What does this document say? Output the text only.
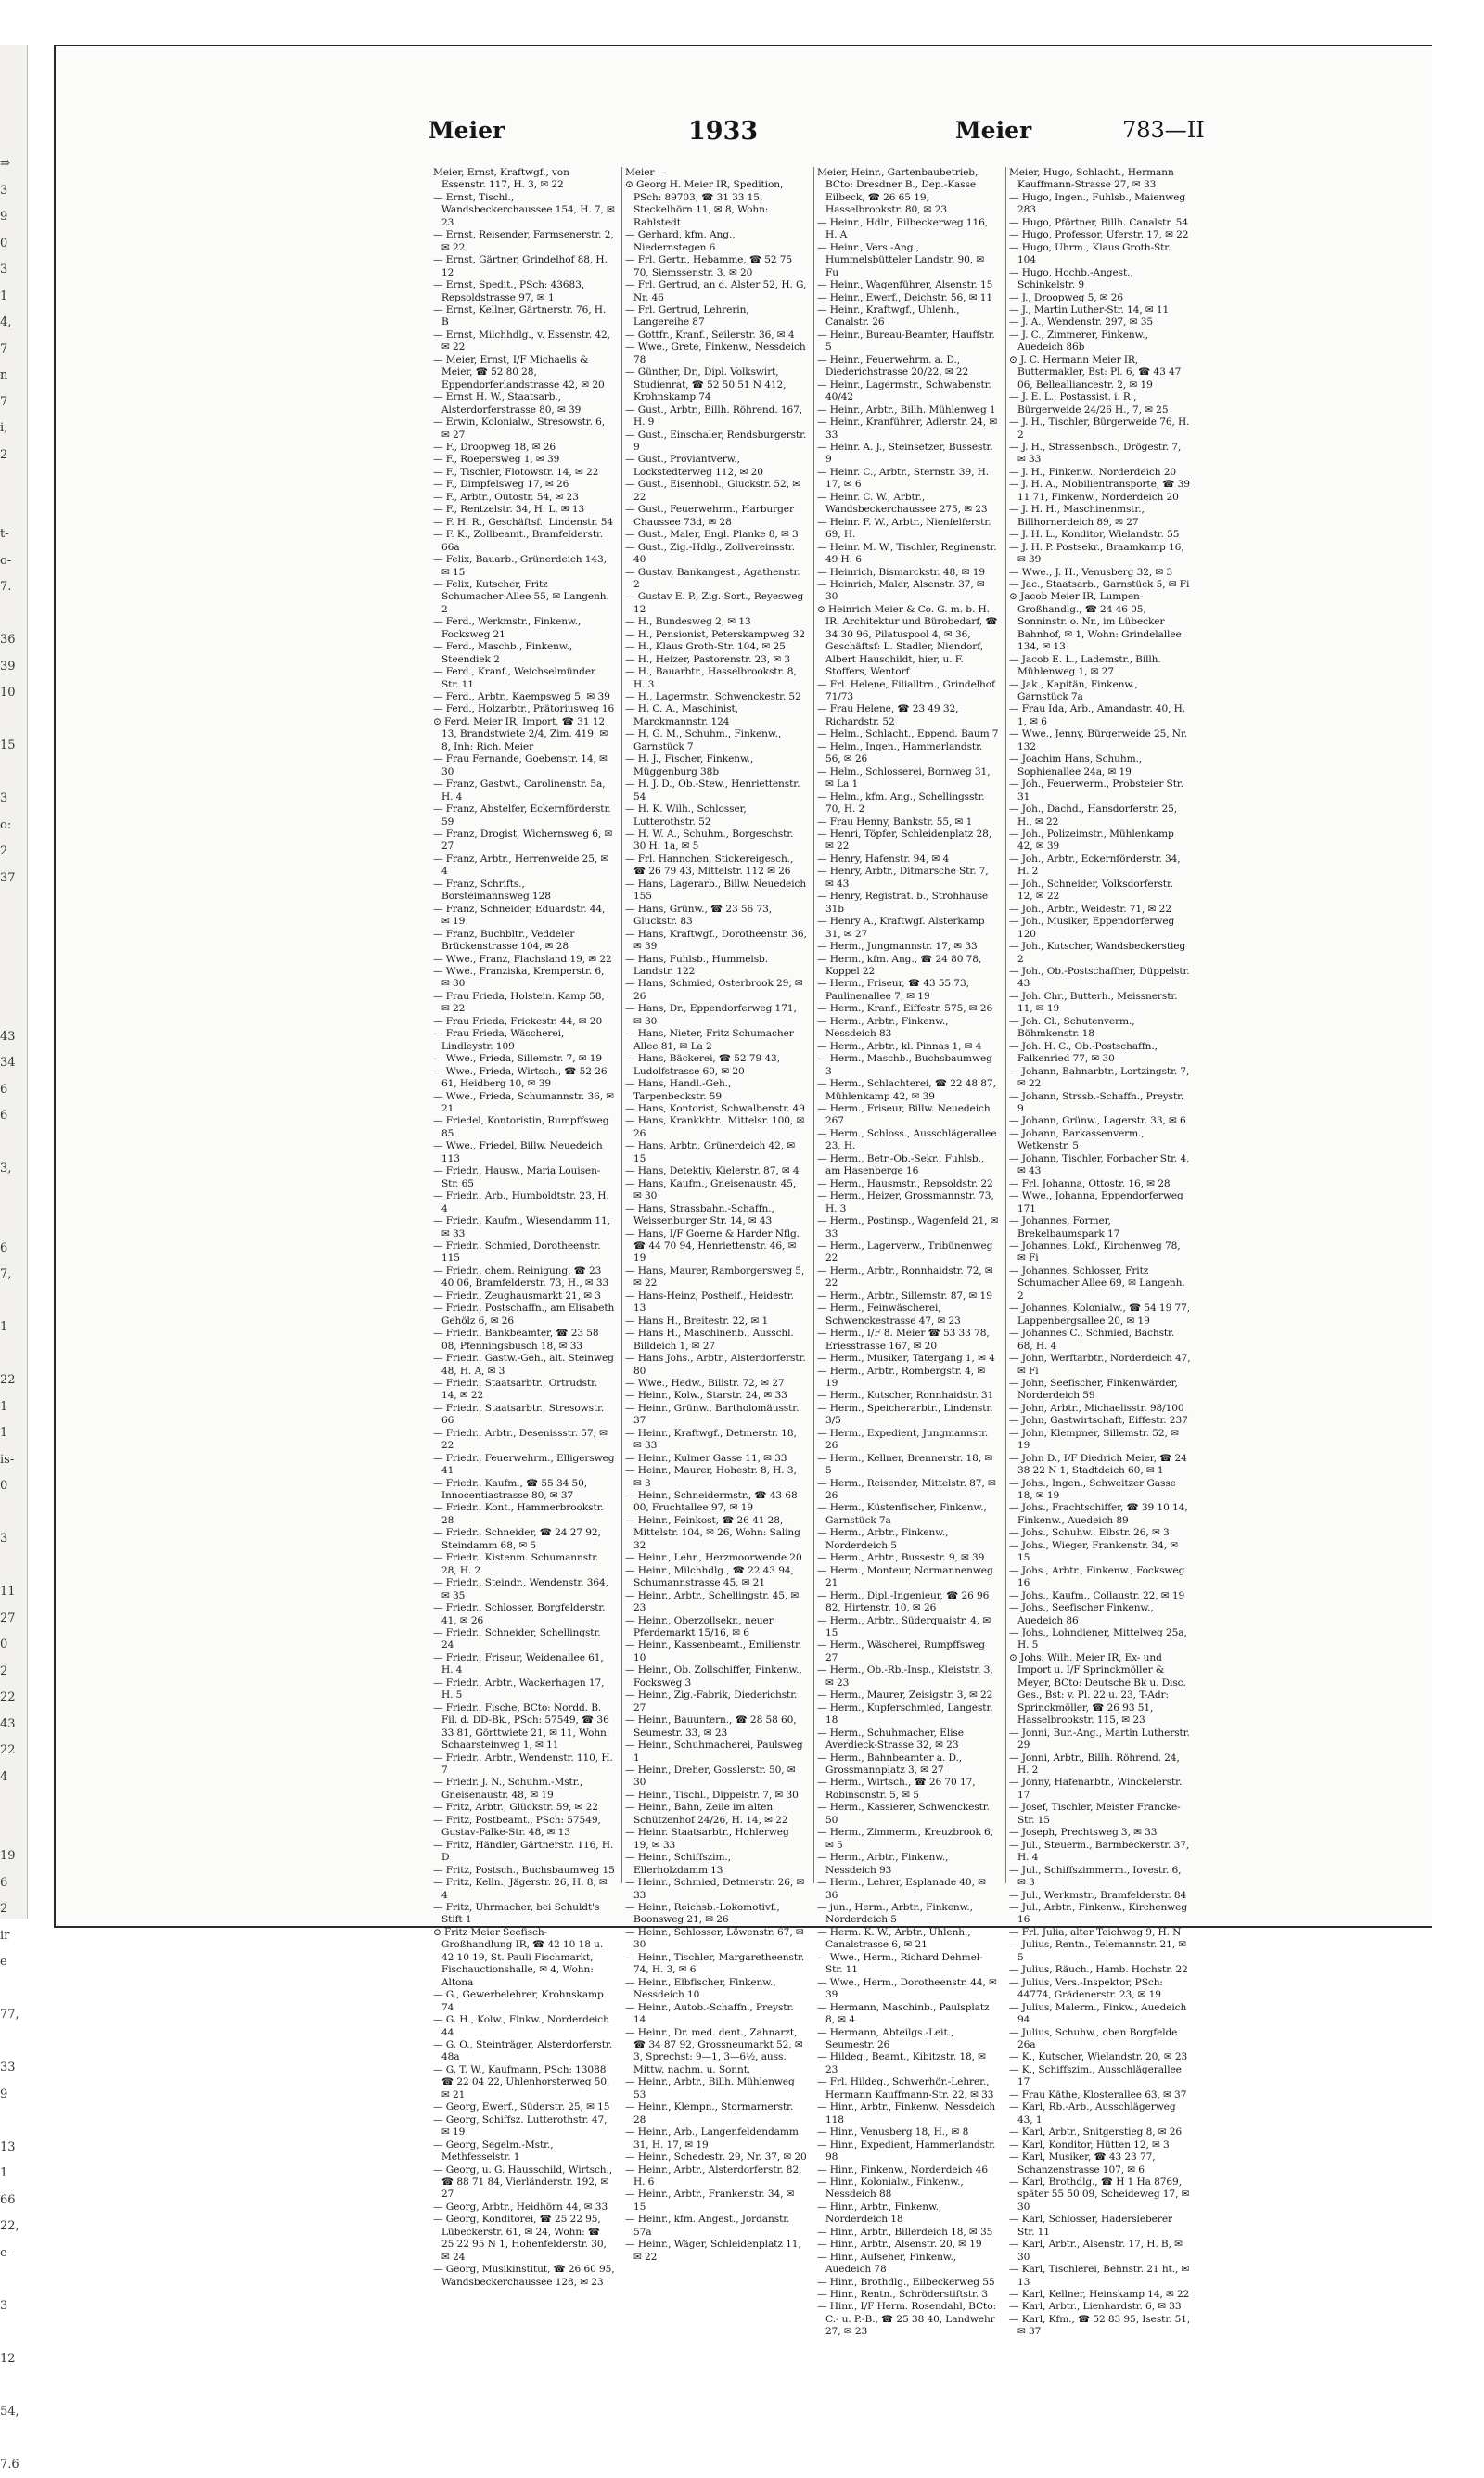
⇒
3
9
0
3
1
4,
7
n
7
i,
2

t-
o-
7.

36
39
10

15

3
o:
2
37

43
34
6
6

3,

6
7,

1

22
1
1
is-
0

3

11
27
0
2
22
43
22
4

19
6
2
ir
e

77,

33
9

13
1
66
22,
e-

3

12

54,

7.6
Meier	1933	Meier	783—II
Meier, Ernst, Kraftwgf., von Essenstr. 117, H. 3, ✉ 22
— Ernst, Tischl., Wandsbeckerchaussee 154, H. 7, ✉ 23
— Ernst, Reisender, Farmsenerstr. 2, ✉ 22
— Ernst, Gärtner, Grindelhof 88, H. 12
— Ernst, Spedit., PSch: 43683, Repsoldstrasse 97, ✉ 1
— Ernst, Kellner, Gärtnerstr. 76, H. B
— Ernst, Milchhdlg., v. Essenstr. 42, ✉ 22
— Meier, Ernst, I/F Michaelis & Meier, ☎ 52 80 28, Eppendorferlandstrasse 42, ✉ 20
— Ernst H. W., Staatsarb., Alsterdorferstrasse 80, ✉ 39
— Erwin, Kolonialw., Stresowstr. 6, ✉ 27
— F., Droopweg 18, ✉ 26
— F., Roepersweg 1, ✉ 39
— F., Tischler, Flotowstr. 14, ✉ 22
— F., Dimpfelsweg 17, ✉ 26
— F., Arbtr., Outostr. 54, ✉ 23
— F., Rentzelstr. 34, H. L, ✉ 13
— F. H. R., Geschäftsf., Lindenstr. 54
— F. K., Zollbeamt., Bramfelderstr. 66a
— Felix, Bauarb., Grünerdeich 143, ✉ 15
— Felix, Kutscher, Fritz Schumacher-Allee 55, ✉ Langenh. 2
— Ferd., Werkmstr., Finkenw., Focksweg 21
— Ferd., Maschb., Finkenw., Steendiek 2
— Ferd., Kranf., Weichselmünder Str. 11
— Ferd., Arbtr., Kaempsweg 5, ✉ 39
— Ferd., Holzarbtr., Prätoriusweg 16
⊙ Ferd. Meier IR, Import, ☎ 31 12 13, Brandstwiete 2/4, Zim. 419, ✉ 8, Inh: Rich. Meier
— Frau Fernande, Goebenstr. 14, ✉ 30
— Franz, Gastwt., Carolinenstr. 5a, H. 4
— Franz, Abstelfer, Eckernförderstr. 59
— Franz, Drogist, Wichernsweg 6, ✉ 27
— Franz, Arbtr., Herrenweide 25, ✉ 4
— Franz, Schrifts., Borsteimannsweg 128
— Franz, Schneider, Eduardstr. 44, ✉ 19
— Franz, Buchbltr., Veddeler Brückenstrasse 104, ✉ 28
— Wwe., Franz, Flachsland 19, ✉ 22
— Wwe., Franziska, Kremperstr. 6, ✉ 30
— Frau Frieda, Holstein. Kamp 58, ✉ 22
— Frau Frieda, Frickestr. 44, ✉ 20
— Frau Frieda, Wäscherei, Lindleystr. 109
— Wwe., Frieda, Sillemstr. 7, ✉ 19
— Wwe., Frieda, Wirtsch., ☎ 52 26 61, Heidberg 10, ✉ 39
— Wwe., Frieda, Schumannstr. 36, ✉ 21
— Friedel, Kontoristin, Rumpffsweg 85
— Wwe., Friedel, Billw. Neuedeich 113
— Friedr., Hausw., Maria Louisen-Str. 65
— Friedr., Arb., Humboldtstr. 23, H. 4
— Friedr., Kaufm., Wiesendamm 11, ✉ 33
— Friedr., Schmied, Dorotheenstr. 115
— Friedr., chem. Reinigung, ☎ 23 40 06, Bramfelderstr. 73, H., ✉ 33
— Friedr., Zeughausmarkt 21, ✉ 3
— Friedr., Postschaffn., am Elisabeth Gehölz 6, ✉ 26
— Friedr., Bankbeamter, ☎ 23 58 08, Pfenningsbusch 18, ✉ 33
— Friedr., Gastw.-Geh., alt. Steinweg 48, H. A, ✉ 3
— Friedr., Staatsarbtr., Ortrudstr. 14, ✉ 22
— Friedr., Staatsarbtr., Stresowstr. 66
— Friedr., Arbtr., Desenissstr. 57, ✉ 22
— Friedr., Feuerwehrm., Elligersweg 41
— Friedr., Kaufm., ☎ 55 34 50, Innocentiastrasse 80, ✉ 37
— Friedr., Kont., Hammerbrookstr. 28
— Friedr., Schneider, ☎ 24 27 92, Steindamm 68, ✉ 5
— Friedr., Kistenm. Schumannstr. 28, H. 2
— Friedr., Steindr., Wendenstr. 364, ✉ 35
— Friedr., Schlosser, Borgfelderstr. 41, ✉ 26
— Friedr., Schneider, Schellingstr. 24
— Friedr., Friseur, Weidenallee 61, H. 4
— Friedr., Arbtr., Wackerhagen 17, H. 5
— Friedr., Fische, BCto: Nordd. B. Fil. d. DD-Bk., PSch: 57549, ☎ 36 33 81, Görttwiete 21, ✉ 11, Wohn: Schaarsteinweg 1, ✉ 11
— Friedr., Arbtr., Wendenstr. 110, H. 7
— Friedr. J. N., Schuhm.-Mstr., Gneisenaustr. 48, ✉ 19
— Fritz, Arbtr., Glückstr. 59, ✉ 22
— Fritz, Postbeamt., PSch: 57549, Gustav-Falke-Str. 48, ✉ 13
— Fritz, Händler, Gärtnerstr. 116, H. D
— Fritz, Postsch., Buchsbaumweg 15
— Fritz, Kelln., Jägerstr. 26, H. 8, ✉ 4
— Fritz, Uhrmacher, bei Schuldt's Stift 1
⊙ Fritz Meier Seefisch-Großhandlung IR, ☎ 42 10 18 u. 42 10 19, St. Pauli Fischmarkt, Fischauctionshalle, ✉ 4, Wohn: Altona
— G., Gewerbelehrer, Krohnskamp 74
— G. H., Kolw., Finkw., Norderdeich 44
— G. O., Steinträger, Alsterdorferstr. 48a
— G. T. W., Kaufmann, PSch: 13088 ☎ 22 04 22, Uhlenhorsterweg 50, ✉ 21
— Georg, Ewerf., Süderstr. 25, ✉ 15
— Georg, Schiffsz. Lutterothstr. 47, ✉ 19
— Georg, Segelm.-Mstr., Methfesselstr. 1
— Georg, u. G. Hausschild, Wirtsch., ☎ 88 71 84, Vierländerstr. 192, ✉ 27
— Georg, Arbtr., Heidhörn 44, ✉ 33
— Georg, Konditorei, ☎ 25 22 95, Lübeckerstr. 61, ✉ 24, Wohn: ☎ 25 22 95 N 1, Hohenfelderstr. 30, ✉ 24
— Georg, Musikinstitut, ☎ 26 60 95, Wandsbeckerchaussee 128, ✉ 23
Meier —
⊙ Georg H. Meier IR, Spedition, PSch: 89703, ☎ 31 33 15, Steckelhörn 11, ✉ 8, Wohn: Rahlstedt
— Gerhard, kfm. Ang., Niedernstegen 6
— Frl. Gertr., Hebamme, ☎ 52 75 70, Siemssenstr. 3, ✉ 20
— Frl. Gertrud, an d. Alster 52, H. G, Nr. 46
— Frl. Gertrud, Lehrerin, Langereihe 87
— Gottfr., Kranf., Seilerstr. 36, ✉ 4
— Wwe., Grete, Finkenw., Nessdeich 78
— Günther, Dr., Dipl. Volkswirt, Studienrat, ☎ 52 50 51 N 412, Krohnskamp 74
— Gust., Arbtr., Billh. Röhrend. 167, H. 9
— Gust., Einschaler, Rendsburgerstr. 9
— Gust., Proviantverw., Lockstedterweg 112, ✉ 20
— Gust., Eisenhobl., Gluckstr. 52, ✉ 22
— Gust., Feuerwehrm., Harburger Chaussee 73d, ✉ 28
— Gust., Maler, Engl. Planke 8, ✉ 3
— Gust., Zig.-Hdlg., Zollvereinsstr. 40
— Gustav, Bankangest., Agathenstr. 2
— Gustav E. P., Zig.-Sort., Reyesweg 12
— H., Bundesweg 2, ✉ 13
— H., Pensionist, Peterskampweg 32
— H., Klaus Groth-Str. 104, ✉ 25
— H., Heizer, Pastorenstr. 23, ✉ 3
— H., Bauarbtr., Hasselbrookstr. 8, H. 3
— H., Lagermstr., Schwenckestr. 52
— H. C. A., Maschinist, Marckmannstr. 124
— H. G. M., Schuhm., Finkenw., Garnstück 7
— H. J., Fischer, Finkenw., Müggenburg 38b
— H. J. D., Ob.-Stew., Henriettenstr. 54
— H. K. Wilh., Schlosser, Lutterothstr. 52
— H. W. A., Schuhm., Borgeschstr. 30 H. 1a, ✉ 5
— Frl. Hannchen, Stickereigesch., ☎ 26 79 43, Mittelstr. 112 ✉ 26
— Hans, Lagerarb., Billw. Neuedeich 155
— Hans, Grünw., ☎ 23 56 73, Gluckstr. 83
— Hans, Kraftwgf., Dorotheenstr. 36, ✉ 39
— Hans, Fuhlsb., Hummelsb. Landstr. 122
— Hans, Schmied, Osterbrook 29, ✉ 26
— Hans, Dr., Eppendorferweg 171, ✉ 30
— Hans, Nieter, Fritz Schumacher Allee 81, ✉ La 2
— Hans, Bäckerei, ☎ 52 79 43, Ludolfstrasse 60, ✉ 20
— Hans, Handl.-Geh., Tarpenbeckstr. 59
— Hans, Kontorist, Schwalbenstr. 49
— Hans, Krankkbtr., Mittelsr. 100, ✉ 26
— Hans, Arbtr., Grünerdeich 42, ✉ 15
— Hans, Detektiv, Kielerstr. 87, ✉ 4
— Hans, Kaufm., Gneisenaustr. 45, ✉ 30
— Hans, Strassbahn.-Schaffn., Weissenburger Str. 14, ✉ 43
— Hans, I/F Goerne & Harder Nflg. ☎ 44 70 94, Henriettenstr. 46, ✉ 19
— Hans, Maurer, Ramborgersweg 5, ✉ 22
— Hans-Heinz, Postheif., Heidestr. 13
— Hans H., Breitestr. 22, ✉ 1
— Hans H., Maschinenb., Ausschl. Billdeich 1, ✉ 27
— Hans Johs., Arbtr., Alsterdorferstr. 80
— Wwe., Hedw., Billstr. 72, ✉ 27
— Heinr., Kolw., Starstr. 24, ✉ 33
— Heinr., Grünw., Bartholomäusstr. 37
— Heinr., Kraftwgf., Detmerstr. 18, ✉ 33
— Heinr., Kulmer Gasse 11, ✉ 33
— Heinr., Maurer, Hohestr. 8, H. 3, ✉ 3
— Heinr., Schneidermstr., ☎ 43 68 00, Fruchtallee 97, ✉ 19
— Heinr., Feinkost, ☎ 26 41 28, Mittelstr. 104, ✉ 26, Wohn: Saling 32
— Heinr., Lehr., Herzmoorwende 20
— Heinr., Milchhdlg., ☎ 22 43 94, Schumannstrasse 45, ✉ 21
— Heinr., Arbtr., Schellingstr. 45, ✉ 23
— Heinr., Oberzollsekr., neuer Pferdemarkt 15/16, ✉ 6
— Heinr., Kassenbeamt., Emilienstr. 10
— Heinr., Ob. Zollschiffer, Finkenw., Focksweg 3
— Heinr., Zig.-Fabrik, Diederichstr. 27
— Heinr., Bauuntern., ☎ 28 58 60, Seumestr. 33, ✉ 23
— Heinr., Schuhmacherei, Paulsweg 1
— Heinr., Dreher, Gosslerstr. 50, ✉ 30
— Heinr., Tischl., Dippelstr. 7, ✉ 30
— Heinr., Bahn, Zeile im alten Schützenhof 24/26, H. 14, ✉ 22
— Heinr. Staatsarbtr., Hohlerweg 19, ✉ 33
— Heinr., Schiffszim., Ellerholzdamm 13
— Heinr., Schmied, Detmerstr. 26, ✉ 33
— Heinr., Reichsb.-Lokomotivf., Boonsweg 21, ✉ 26
— Heinr., Schlosser, Löwenstr. 67, ✉ 30
— Heinr., Tischler, Margaretheenstr. 74, H. 3, ✉ 6
— Heinr., Elbfischer, Finkenw., Nessdeich 10
— Heinr., Autob.-Schaffn., Preystr. 14
— Heinr., Dr. med. dent., Zahnarzt, ☎ 34 87 92, Grossneumarkt 52, ✉ 3, Sprechst: 9—1, 3—6½, auss. Mittw. nachm. u. Sonnt.
— Heinr., Arbtr., Billh. Mühlenweg 53
— Heinr., Klempn., Stormarnerstr. 28
— Heinr., Arb., Langenfeldendamm 31, H. 17, ✉ 19
— Heinr., Schedestr. 29, Nr. 37, ✉ 20
— Heinr., Arbtr., Alsterdorferstr. 82, H. 6
— Heinr., Arbtr., Frankenstr. 34, ✉ 15
— Heinr., kfm. Angest., Jordanstr. 57a
— Heinr., Wäger, Schleidenplatz 11, ✉ 22
Meier, Heinr., Gartenbaubetrieb, BCto: Dresdner B., Dep.-Kasse Eilbeck, ☎ 26 65 19, Hasselbrookstr. 80, ✉ 23
— Heinr., Hdlr., Eilbeckerweg 116, H. A
— Heinr., Vers.-Ang., Hummelsbütteler Landstr. 90, ✉ Fu
— Heinr., Wagenführer, Alsenstr. 15
— Heinr., Ewerf., Deichstr. 56, ✉ 11
— Heinr., Kraftwgf., Uhlenh., Canalstr. 26
— Heinr., Bureau-Beamter, Hauffstr. 5
— Heinr., Feuerwehrm. a. D., Diederichstrasse 20/22, ✉ 22
— Heinr., Lagermstr., Schwabenstr. 40/42
— Heinr., Arbtr., Billh. Mühlenweg 1
— Heinr., Kranführer, Adlerstr. 24, ✉ 33
— Heinr. A. J., Steinsetzer, Bussestr. 9
— Heinr. C., Arbtr., Sternstr. 39, H. 17, ✉ 6
— Heinr. C. W., Arbtr., Wandsbeckerchaussee 275, ✉ 23
— Heinr. F. W., Arbtr., Nienfelferstr. 69, H.
— Heinr. M. W., Tischler, Reginenstr. 49 H. 6
— Heinrich, Bismarckstr. 48, ✉ 19
— Heinrich, Maler, Alsenstr. 37, ✉ 30
⊙ Heinrich Meier & Co. G. m. b. H. IR, Architektur und Bürobedarf, ☎ 34 30 96, Pilatuspool 4, ✉ 36, Geschäftsf: L. Stadler, Niendorf, Albert Hauschildt, hier, u. F. Stoffers, Wentorf
— Frl. Helene, Filialltrn., Grindelhof 71/73
— Frau Helene, ☎ 23 49 32, Richardstr. 52
— Helm., Schlacht., Eppend. Baum 7
— Helm., Ingen., Hammerlandstr. 56, ✉ 26
— Helm., Schlosserei, Bornweg 31, ✉ La 1
— Helm., kfm. Ang., Schellingsstr. 70, H. 2
— Frau Henny, Bankstr. 55, ✉ 1
— Henri, Töpfer, Schleidenplatz 28, ✉ 22
— Henry, Hafenstr. 94, ✉ 4
— Henry, Arbtr., Ditmarsche Str. 7, ✉ 43
— Henry, Registrat. b., Strohhause 31b
— Henry A., Kraftwgf. Alsterkamp 31, ✉ 27
— Herm., Jungmannstr. 17, ✉ 33
— Herm., kfm. Ang., ☎ 24 80 78, Koppel 22
— Herm., Friseur, ☎ 43 55 73, Paulinenallee 7, ✉ 19
— Herm., Kranf., Eiffestr. 575, ✉ 26
— Herm., Arbtr., Finkenw., Nessdeich 83
— Herm., Arbtr., kl. Pinnas 1, ✉ 4
— Herm., Maschb., Buchsbaumweg 3
— Herm., Schlachterei, ☎ 22 48 87, Mühlenkamp 42, ✉ 39
— Herm., Friseur, Billw. Neuedeich 267
— Herm., Schloss., Ausschlägerallee 23, H.
— Herm., Betr.-Ob.-Sekr., Fuhlsb., am Hasenberge 16
— Herm., Hausmstr., Repsoldstr. 22
— Herm., Heizer, Grossmannstr. 73, H. 3
— Herm., Postinsp., Wagenfeld 21, ✉ 33
— Herm., Lagerverw., Tribünenweg 22
— Herm., Arbtr., Ronnhaidstr. 72, ✉ 22
— Herm., Arbtr., Sillemstr. 87, ✉ 19
— Herm., Feinwäscherei, Schwenckestrasse 47, ✉ 23
— Herm., I/F 8. Meier ☎ 53 33 78, Eriesstrasse 167, ✉ 20
— Herm., Musiker, Tatergang 1, ✉ 4
— Herm., Arbtr., Rombergstr. 4, ✉ 19
— Herm., Kutscher, Ronnhaidstr. 31
— Herm., Speicherarbtr., Lindenstr. 3/5
— Herm., Expedient, Jungmannstr. 26
— Herm., Kellner, Brennerstr. 18, ✉ 5
— Herm., Reisender, Mittelstr. 87, ✉ 26
— Herm., Küstenfischer, Finkenw., Garnstück 7a
— Herm., Arbtr., Finkenw., Norderdeich 5
— Herm., Arbtr., Bussestr. 9, ✉ 39
— Herm., Monteur, Normannenweg 21
— Herm., Dipl.-Ingenieur, ☎ 26 96 82, Hirtenstr. 10, ✉ 26
— Herm., Arbtr., Süderquaistr. 4, ✉ 15
— Herm., Wäscherei, Rumpffsweg 27
— Herm., Ob.-Rb.-Insp., Kleiststr. 3, ✉ 23
— Herm., Maurer, Zeisigstr. 3, ✉ 22
— Herm., Kupferschmied, Langestr. 18
— Herm., Schuhmacher, Elise Averdieck-Strasse 32, ✉ 23
— Herm., Bahnbeamter a. D., Grossmannplatz 3, ✉ 27
— Herm., Wirtsch., ☎ 26 70 17, Robinsonstr. 5, ✉ 5
— Herm., Kassierer, Schwenckestr. 50
— Herm., Zimmerm., Kreuzbrook 6, ✉ 5
— Herm., Arbtr., Finkenw., Nessdeich 93
— Herm., Lehrer, Esplanade 40, ✉ 36
— jun., Herm., Arbtr., Finkenw., Norderdeich 5
— Herm. K. W., Arbtr., Uhlenh., Canalstrasse 6, ✉ 21
— Wwe., Herm., Richard Dehmel-Str. 11
— Wwe., Herm., Dorotheenstr. 44, ✉ 39
— Hermann, Maschinb., Paulsplatz 8, ✉ 4
— Hermann, Abteilgs.-Leit., Seumestr. 26
— Hildeg., Beamt., Kibitzstr. 18, ✉ 23
— Frl. Hildeg., Schwerhör.-Lehrer., Hermann Kauffmann-Str. 22, ✉ 33
— Hinr., Arbtr., Finkenw., Nessdeich 118
— Hinr., Venusberg 18, H., ✉ 8
— Hinr., Expedient, Hammerlandstr. 98
— Hinr., Finkenw., Norderdeich 46
— Hinr., Kolonialw., Finkenw., Nessdeich 88
— Hinr., Arbtr., Finkenw., Norderdeich 18
— Hinr., Arbtr., Billerdeich 18, ✉ 35
— Hinr., Arbtr., Alsenstr. 20, ✉ 19
— Hinr., Aufseher, Finkenw., Auedeich 78
— Hinr., Brothdlg., Eilbeckerweg 55
— Hinr., Rentn., Schröderstiftstr. 3
— Hinr., I/F Herm. Rosendahl, BCto: C.- u. P.-B., ☎ 25 38 40, Landwehr 27, ✉ 23
Meier, Hugo, Schlacht., Hermann Kauffmann-Strasse 27, ✉ 33
— Hugo, Ingen., Fuhlsb., Maienweg 283
— Hugo, Pförtner, Billh. Canalstr. 54
— Hugo, Professor, Uferstr. 17, ✉ 22
— Hugo, Uhrm., Klaus Groth-Str. 104
— Hugo, Hochb.-Angest., Schinkelstr. 9
— J., Droopweg 5, ✉ 26
— J., Martin Luther-Str. 14, ✉ 11
— J. A., Wendenstr. 297, ✉ 35
— J. C., Zimmerer, Finkenw., Auedeich 86b
⊙ J. C. Hermann Meier IR, Buttermakler, Bst: Pl. 6, ☎ 43 47 06, Bellealliancestr. 2, ✉ 19
— J. E. L., Postassist. i. R., Bürgerweide 24/26 H., 7, ✉ 25
— J. H., Tischler, Bürgerweide 76, H. 2
— J. H., Strassenbsch., Drögestr. 7, ✉ 33
— J. H., Finkenw., Norderdeich 20
— J. H. A., Mobilientransporte, ☎ 39 11 71, Finkenw., Norderdeich 20
— J. H. H., Maschinenmstr., Billhornerdeich 89, ✉ 27
— J. H. L., Konditor, Wielandstr. 55
— J. H. P. Postsekr., Braamkamp 16, ✉ 39
— Wwe., J. H., Venusberg 32, ✉ 3
— Jac., Staatsarb., Garnstück 5, ✉ Fi
⊙ Jacob Meier IR, Lumpen-Großhandlg., ☎ 24 46 05, Sonninstr. o. Nr., im Lübecker Bahnhof, ✉ 1, Wohn: Grindelallee 134, ✉ 13
— Jacob E. L., Lademstr., Billh. Mühlenweg 1, ✉ 27
— Jak., Kapitän, Finkenw., Garnstück 7a
— Frau Ida, Arb., Amandastr. 40, H. 1, ✉ 6
— Wwe., Jenny, Bürgerweide 25, Nr. 132
— Joachim Hans, Schuhm., Sophienallee 24a, ✉ 19
— Joh., Feuerwerm., Probsteier Str. 31
— Joh., Dachd., Hansdorferstr. 25, H., ✉ 22
— Joh., Polizeimstr., Mühlenkamp 42, ✉ 39
— Joh., Arbtr., Eckernförderstr. 34, H. 2
— Joh., Schneider, Volksdorferstr. 12, ✉ 22
— Joh., Arbtr., Weidestr. 71, ✉ 22
— Joh., Musiker, Eppendorferweg 120
— Joh., Kutscher, Wandsbeckerstieg 2
— Joh., Ob.-Postschaffner, Düppelstr. 43
— Joh. Chr., Butterh., Meissnerstr. 11, ✉ 19
— Joh. Cl., Schutenverm., Böhmkenstr. 18
— Joh. H. C., Ob.-Postschaffn., Falkenried 77, ✉ 30
— Johann, Bahnarbtr., Lortzingstr. 7, ✉ 22
— Johann, Strssb.-Schaffn., Preystr. 9
— Johann, Grünw., Lagerstr. 33, ✉ 6
— Johann, Barkassenverm., Wetkenstr. 5
— Johann, Tischler, Forbacher Str. 4, ✉ 43
— Frl. Johanna, Ottostr. 16, ✉ 28
— Wwe., Johanna, Eppendorferweg 171
— Johannes, Former, Brekelbaumspark 17
— Johannes, Lokf., Kirchenweg 78, ✉ Fi
— Johannes, Schlosser, Fritz Schumacher Allee 69, ✉ Langenh. 2
— Johannes, Kolonialw., ☎ 54 19 77, Lappenbergsallee 20, ✉ 19
— Johannes C., Schmied, Bachstr. 68, H. 4
— John, Werftarbtr., Norderdeich 47, ✉ Fi
— John, Seefischer, Finkenwärder, Norderdeich 59
— John, Arbtr., Michaelisstr. 98/100
— John, Gastwirtschaft, Eiffestr. 237
— John, Klempner, Sillemstr. 52, ✉ 19
— John D., I/F Diedrich Meier, ☎ 24 38 22 N 1, Stadtdeich 60, ✉ 1
— Johs., Ingen., Schweitzer Gasse 18, ✉ 19
— Johs., Frachtschiffer, ☎ 39 10 14, Finkenw., Auedeich 89
— Johs., Schuhw., Elbstr. 26, ✉ 3
— Johs., Wieger, Frankenstr. 34, ✉ 15
— Johs., Arbtr., Finkenw., Focksweg 16
— Johs., Kaufm., Collaustr. 22, ✉ 19
— Johs., Seefischer Finkenw., Auedeich 86
— Johs., Lohndiener, Mittelweg 25a, H. 5
⊙ Johs. Wilh. Meier IR, Ex- und Import u. I/F Sprinckmöller & Meyer, BCto: Deutsche Bk u. Disc. Ges., Bst: v. Pl. 22 u. 23, T-Adr: Sprinckmöller, ☎ 26 93 51, Hasselbrookstr. 115, ✉ 23
— Jonni, Bur.-Ang., Martin Lutherstr. 29
— Jonni, Arbtr., Billh. Röhrend. 24, H. 2
— Jonny, Hafenarbtr., Winckelerstr. 17
— Josef, Tischler, Meister Francke-Str. 15
— Joseph, Prechtsweg 3, ✉ 33
— Jul., Steuerm., Barmbeckerstr. 37, H. 4
— Jul., Schiffszimmerm., Iovestr. 6, ✉ 3
— Jul., Werkmstr., Bramfelderstr. 84
— Jul., Arbtr., Finkenw., Kirchenweg 16
— Frl. Julia, alter Teichweg 9, H. N
— Julius, Rentn., Telemannstr. 21, ✉ 5
— Julius, Räuch., Hamb. Hochstr. 22
— Julius, Vers.-Inspektor, PSch: 44774, Grädenerstr. 23, ✉ 19
— Julius, Malerm., Finkw., Auedeich 94
— Julius, Schuhw., oben Borgfelde 26a
— K., Kutscher, Wielandstr. 20, ✉ 23
— K., Schiffszim., Ausschlägerallee 17
— Frau Käthe, Klosterallee 63, ✉ 37
— Karl, Rb.-Arb., Ausschlägerweg 43, 1
— Karl, Arbtr., Snitgerstieg 8, ✉ 26
— Karl, Konditor, Hütten 12, ✉ 3
— Karl, Musiker, ☎ 43 23 77, Schanzenstrasse 107, ✉ 6
— Karl, Brothdlg., ☎ H 1 Ha 8769, später 55 50 09, Scheideweg 17, ✉ 30
— Karl, Schlosser, Hadersleberer Str. 11
— Karl, Arbtr., Alsenstr. 17, H. B, ✉ 30
— Karl, Tischlerei, Behnstr. 21 ht., ✉ 13
— Karl, Kellner, Heinskamp 14, ✉ 22
— Karl, Arbtr., Lienhardstr. 6, ✉ 33
— Karl, Kfm., ☎ 52 83 95, Isestr. 51, ✉ 37
